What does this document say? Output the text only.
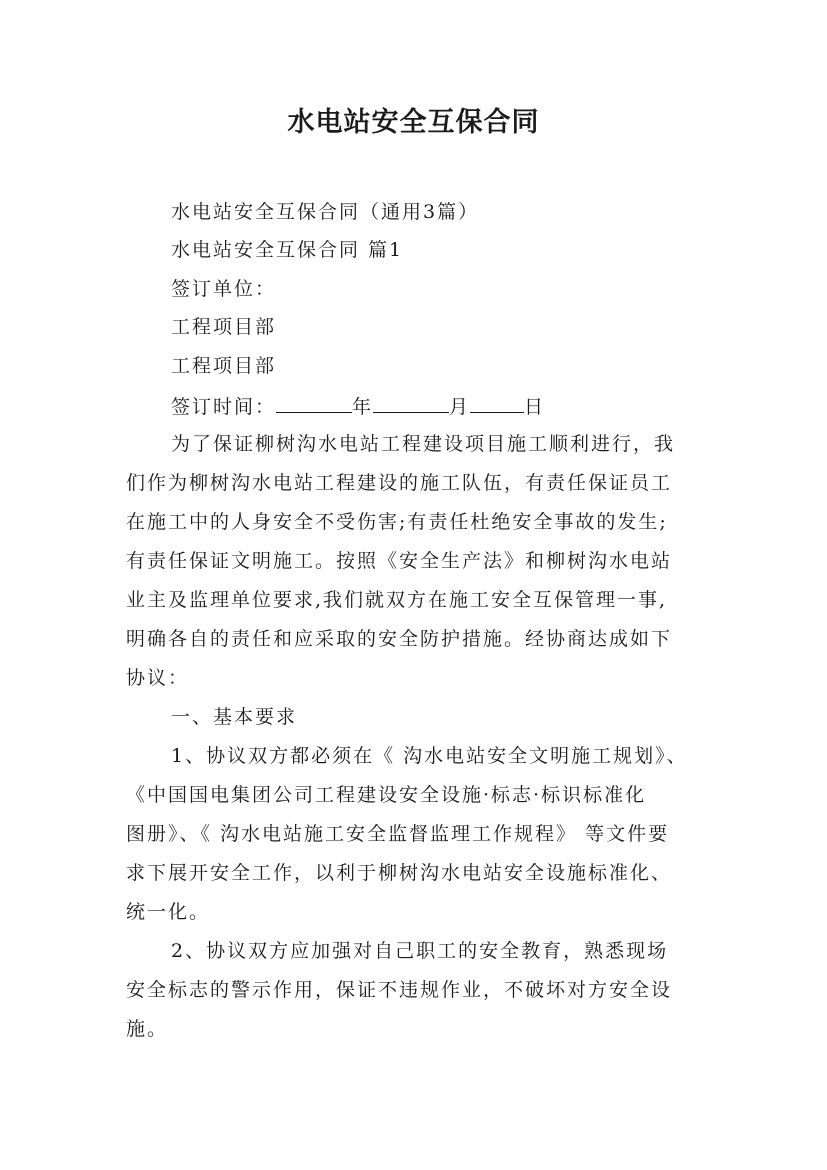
水电站安全互保合同

水电站安全互保合同（通用3篇）

水电站安全互保合同 篇1

签订单位：

工程项目部

工程项目部

签订时间：	年	月	日

为了保证柳树沟水电站工程建设项目施工顺利进行，我

们作为柳树沟水电站工程建设的施工队伍，有责任保证员工

在施工中的人身安全不受伤害;有责任杜绝安全事故的发生;

有责任保证文明施工。按照《安全生产法》和柳树沟水电站

业主及监理单位要求,我们就双方在施工安全互保管理一事,

明确各自的责任和应采取的安全防护措施。经协商达成如下

协议：

一、基本要求

1、协议双方都必须在《 沟水电站安全文明施工规划》、

《中国国电集团公司工程建设安全设施·标志·标识标准化

图册》、《 沟水电站施工安全监督监理工作规程》 等文件要

求下展开安全工作，以利于柳树沟水电站安全设施标准化、

统一化。

2、协议双方应加强对自己职工的安全教育，熟悉现场

安全标志的警示作用，保证不违规作业，不破坏对方安全设

施。
